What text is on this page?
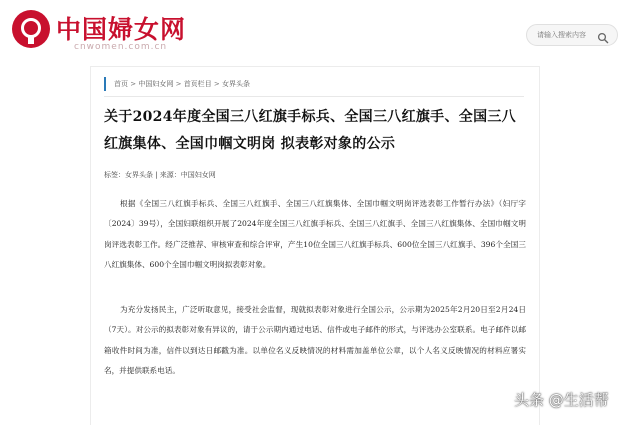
中国婦女网
cnwomen.com.cn
请输入搜索内容
首页 > 中国妇女网 > 首页栏目 > 女界头条
关于2024年度全国三八红旗手标兵、全国三八红旗手、全国三八红旗集体、全国巾帼文明岗 拟表彰对象的公示
标签：女界头条 | 来源：中国妇女网

根据《全国三八红旗手标兵、全国三八红旗手、全国三八红旗集体、全国巾帼文明岗评选表彰工作暂行办法》（妇厅字〔2024〕39号），全国妇联组织开展了2024年度全国三八红旗手标兵、全国三八红旗手、全国三八红旗集体、全国巾帼文明岗评选表彰工作。经广泛推荐、审核审查和综合评审，产生10位全国三八红旗手标兵、600位全国三八红旗手、396个全国三八红旗集体、600个全国巾帼文明岗拟表彰对象。

为充分发扬民主，广泛听取意见，接受社会监督，现就拟表彰对象进行全国公示，公示期为2025年2月20日至2月24日（7天）。对公示的拟表彰对象有异议的，请于公示期内通过电话、信件或电子邮件的形式，与评选办公室联系。电子邮件以邮箱收件时间为准，信件以到达日邮戳为准。以单位名义反映情况的材料需加盖单位公章，以个人名义反映情况的材料应署实名，并提供联系电话。

头条 @生活帮
